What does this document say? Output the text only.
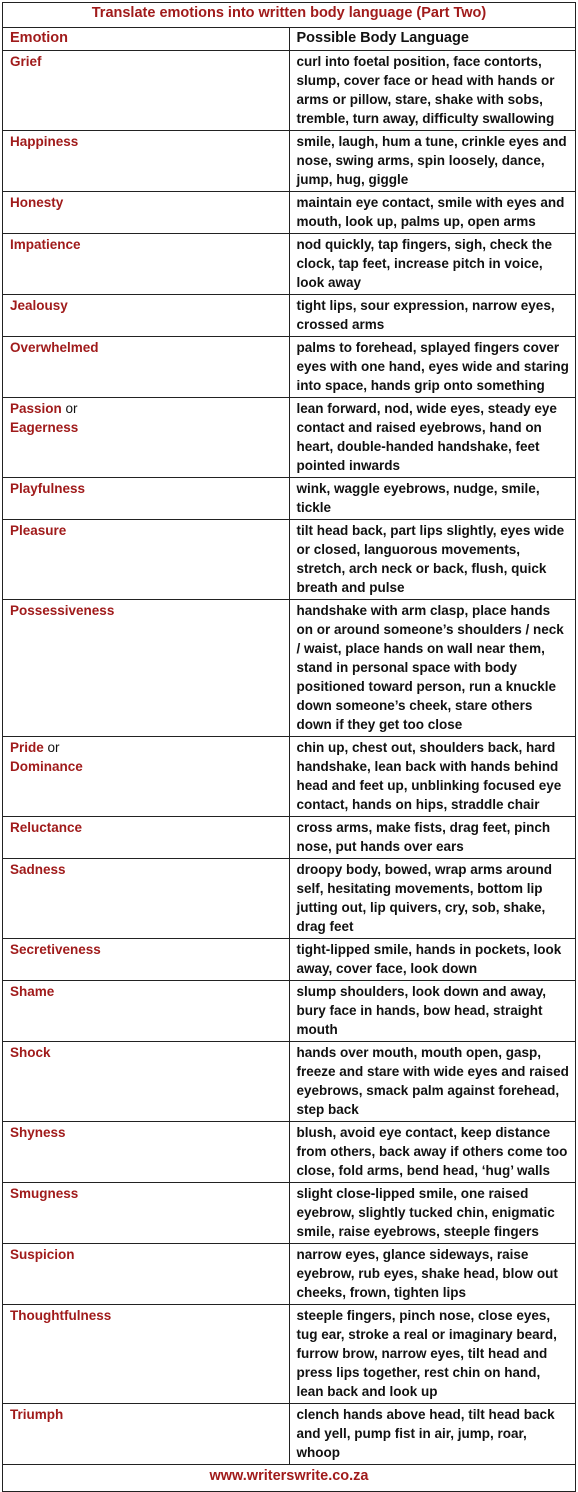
Translate emotions into written body language (Part Two)	
Emotion	Possible Body Language
Grief	curl into foetal position, face contorts, slump, cover face or head with hands or arms or pillow, stare, shake with sobs, tremble, turn away, difficulty swallowing
Happiness	smile, laugh, hum a tune, crinkle eyes and nose, swing arms, spin loosely, dance, jump, hug, giggle
Honesty	maintain eye contact, smile with eyes and mouth, look up, palms up, open arms
Impatience	nod quickly, tap fingers, sigh, check the clock, tap feet, increase pitch in voice, look away
Jealousy	tight lips, sour expression, narrow eyes, crossed arms
Overwhelmed	palms to forehead, splayed fingers cover eyes with one hand, eyes wide and staring into space, hands grip onto something
Passion or
Eagerness	lean forward, nod, wide eyes, steady eye contact and raised eyebrows, hand on heart, double-handed handshake, feet pointed inwards
Playfulness	wink, waggle eyebrows, nudge, smile, tickle
Pleasure	tilt head back, part lips slightly, eyes wide or closed, languorous movements, stretch, arch neck or back, flush, quick breath and pulse
Possessiveness	handshake with arm clasp, place hands on or around someone’s shoulders / neck / waist, place hands on wall near them, stand in personal space with body positioned toward person, run a knuckle down someone’s cheek, stare others down if they get too close
Pride or
Dominance	chin up, chest out, shoulders back, hard handshake, lean back with hands behind head and feet up, unblinking focused eye contact, hands on hips, straddle chair
Reluctance	cross arms, make fists, drag feet, pinch nose, put hands over ears
Sadness	droopy body, bowed, wrap arms around self, hesitating movements, bottom lip jutting out, lip quivers, cry, sob, shake, drag feet
Secretiveness	tight-lipped smile, hands in pockets, look away, cover face, look down
Shame	slump shoulders, look down and away, bury face in hands, bow head, straight mouth
Shock	hands over mouth, mouth open, gasp, freeze and stare with wide eyes and raised eyebrows, smack palm against forehead, step back
Shyness	blush, avoid eye contact, keep distance from others, back away if others come too close, fold arms, bend head, ‘hug’ walls
Smugness	slight close-lipped smile, one raised eyebrow, slightly tucked chin, enigmatic smile, raise eyebrows, steeple fingers
Suspicion	narrow eyes, glance sideways, raise eyebrow, rub eyes, shake head, blow out cheeks, frown, tighten lips
Thoughtfulness	steeple fingers, pinch nose, close eyes, tug ear, stroke a real or imaginary beard, furrow brow, narrow eyes, tilt head and press lips together, rest chin on hand, lean back and look up
Triumph	clench hands above head, tilt head back and yell, pump fist in air, jump, roar, whoop
www.writerswrite.co.za	
